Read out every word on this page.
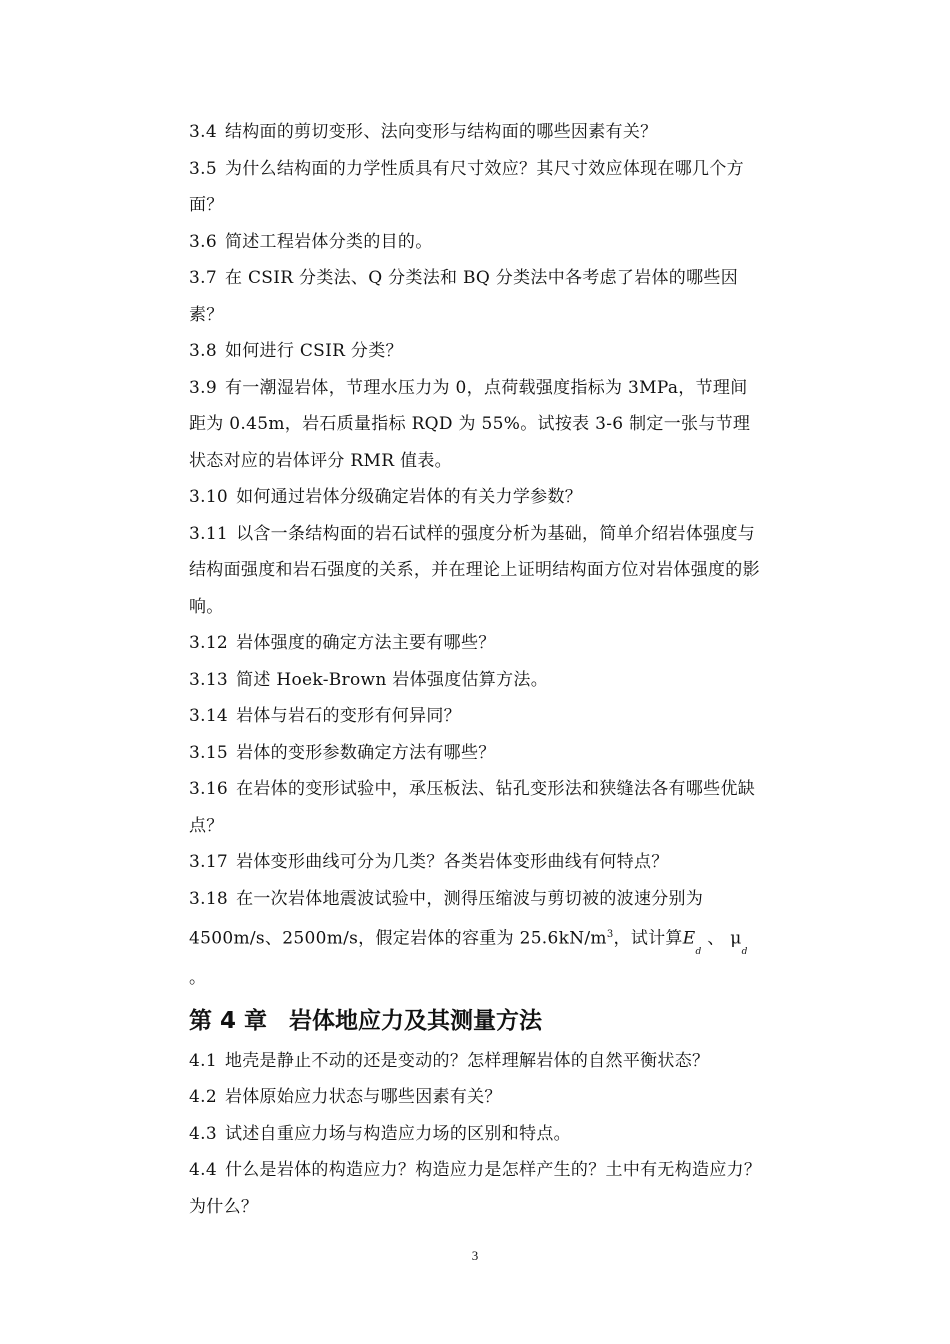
3.4 结构面的剪切变形、法向变形与结构面的哪些因素有关？

3.5 为什么结构面的力学性质具有尺寸效应？其尺寸效应体现在哪几个方面？

3.6 简述工程岩体分类的目的。

3.7 在 CSIR 分类法、Q 分类法和 BQ 分类法中各考虑了岩体的哪些因素？

3.8 如何进行 CSIR 分类？

3.9 有一潮湿岩体，节理水压力为 0，点荷载强度指标为 3MPa，节理间距为 0.45m，岩石质量指标 RQD 为 55%。试按表 3-6 制定一张与节理状态对应的岩体评分 RMR 值表。

3.10 如何通过岩体分级确定岩体的有关力学参数？

3.11 以含一条结构面的岩石试样的强度分析为基础，简单介绍岩体强度与结构面强度和岩石强度的关系，并在理论上证明结构面方位对岩体强度的影响。

3.12 岩体强度的确定方法主要有哪些？

3.13 简述 Hoek-Brown 岩体强度估算方法。

3.14 岩体与岩石的变形有何异同？

3.15 岩体的变形参数确定方法有哪些？

3.16 在岩体的变形试验中，承压板法、钻孔变形法和狭缝法各有哪些优缺点？

3.17 岩体变形曲线可分为几类？各类岩体变形曲线有何特点？

3.18 在一次岩体地震波试验中，测得压缩波与剪切被的波速分别为
4500m/s、2500m/s，假定岩体的容重为 $25.6kN/m^3$，试计算$E_d$ 、 $\mu_d$ 。

第 4 章 岩体地应力及其测量方法

4.1 地壳是静止不动的还是变动的？怎样理解岩体的自然平衡状态？

4.2 岩体原始应力状态与哪些因素有关？

4.3 试述自重应力场与构造应力场的区别和特点。

4.4 什么是岩体的构造应力？构造应力是怎样产生的？土中有无构造应力？为什么？

3
